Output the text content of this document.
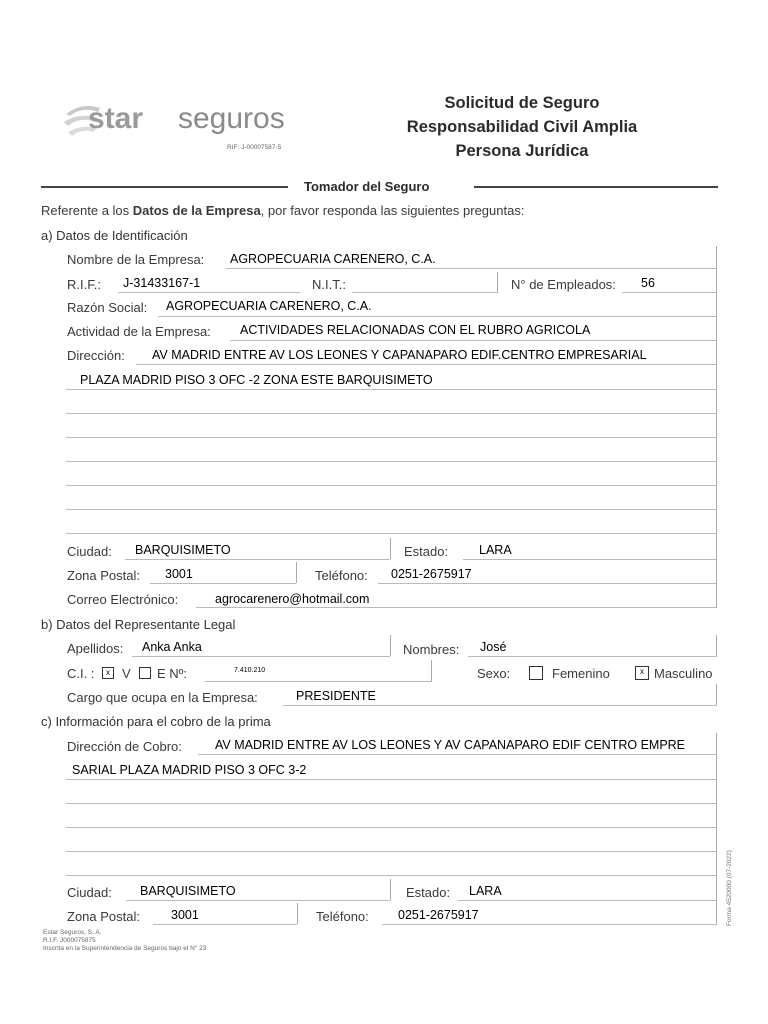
star seguros
RIF: J-00007587-5
Solicitud de Seguro
Responsabilidad Civil Amplia
Persona Jurídica
Tomador del Seguro
Referente a los Datos de la Empresa, por favor responda las siguientes preguntas:
a) Datos de Identificación
Nombre de la Empresa: AGROPECUARIA CARENERO, C.A.
R.I.F.: J-31433167-1	N.I.T.:	N° de Empleados: 56
Razón Social: AGROPECUARIA CARENERO, C.A.
Actividad de la Empresa: ACTIVIDADES RELACIONADAS CON EL RUBRO AGRICOLA
Dirección: AV MADRID ENTRE AV LOS LEONES Y CAPANAPARO EDIF.CENTRO EMPRESARIAL
PLAZA MADRID PISO 3 OFC -2 ZONA ESTE BARQUISIMETO
Ciudad: BARQUISIMETO	Estado: LARA
Zona Postal: 3001	Teléfono: 0251-2675917
Correo Electrónico:	agrocarenero@hotmail.com
b) Datos del Representante Legal
Apellidos: Anka Anka	Nombres: José
C.I. :	x V E Nº:	7.410.210	Sexo:	Femenino	x Masculino
Cargo que ocupa en la Empresa:	PRESIDENTE
c) Información para el cobro de la prima
Dirección de Cobro:	AV MADRID ENTRE AV LOS LEONES Y AV CAPANAPARO EDIF CENTRO EMPRE
SARIAL PLAZA MADRID PISO 3 OFC 3-2
Ciudad: BARQUISIMETO	Estado: LARA
Zona Postal: 3001	Teléfono: 0251-2675917
Estar Seguros, S. A.
R.I.F. J000075875
Inscrita en la Superintendencia de Seguros bajo el N° 23
Forma 4520000 (07-2022)
